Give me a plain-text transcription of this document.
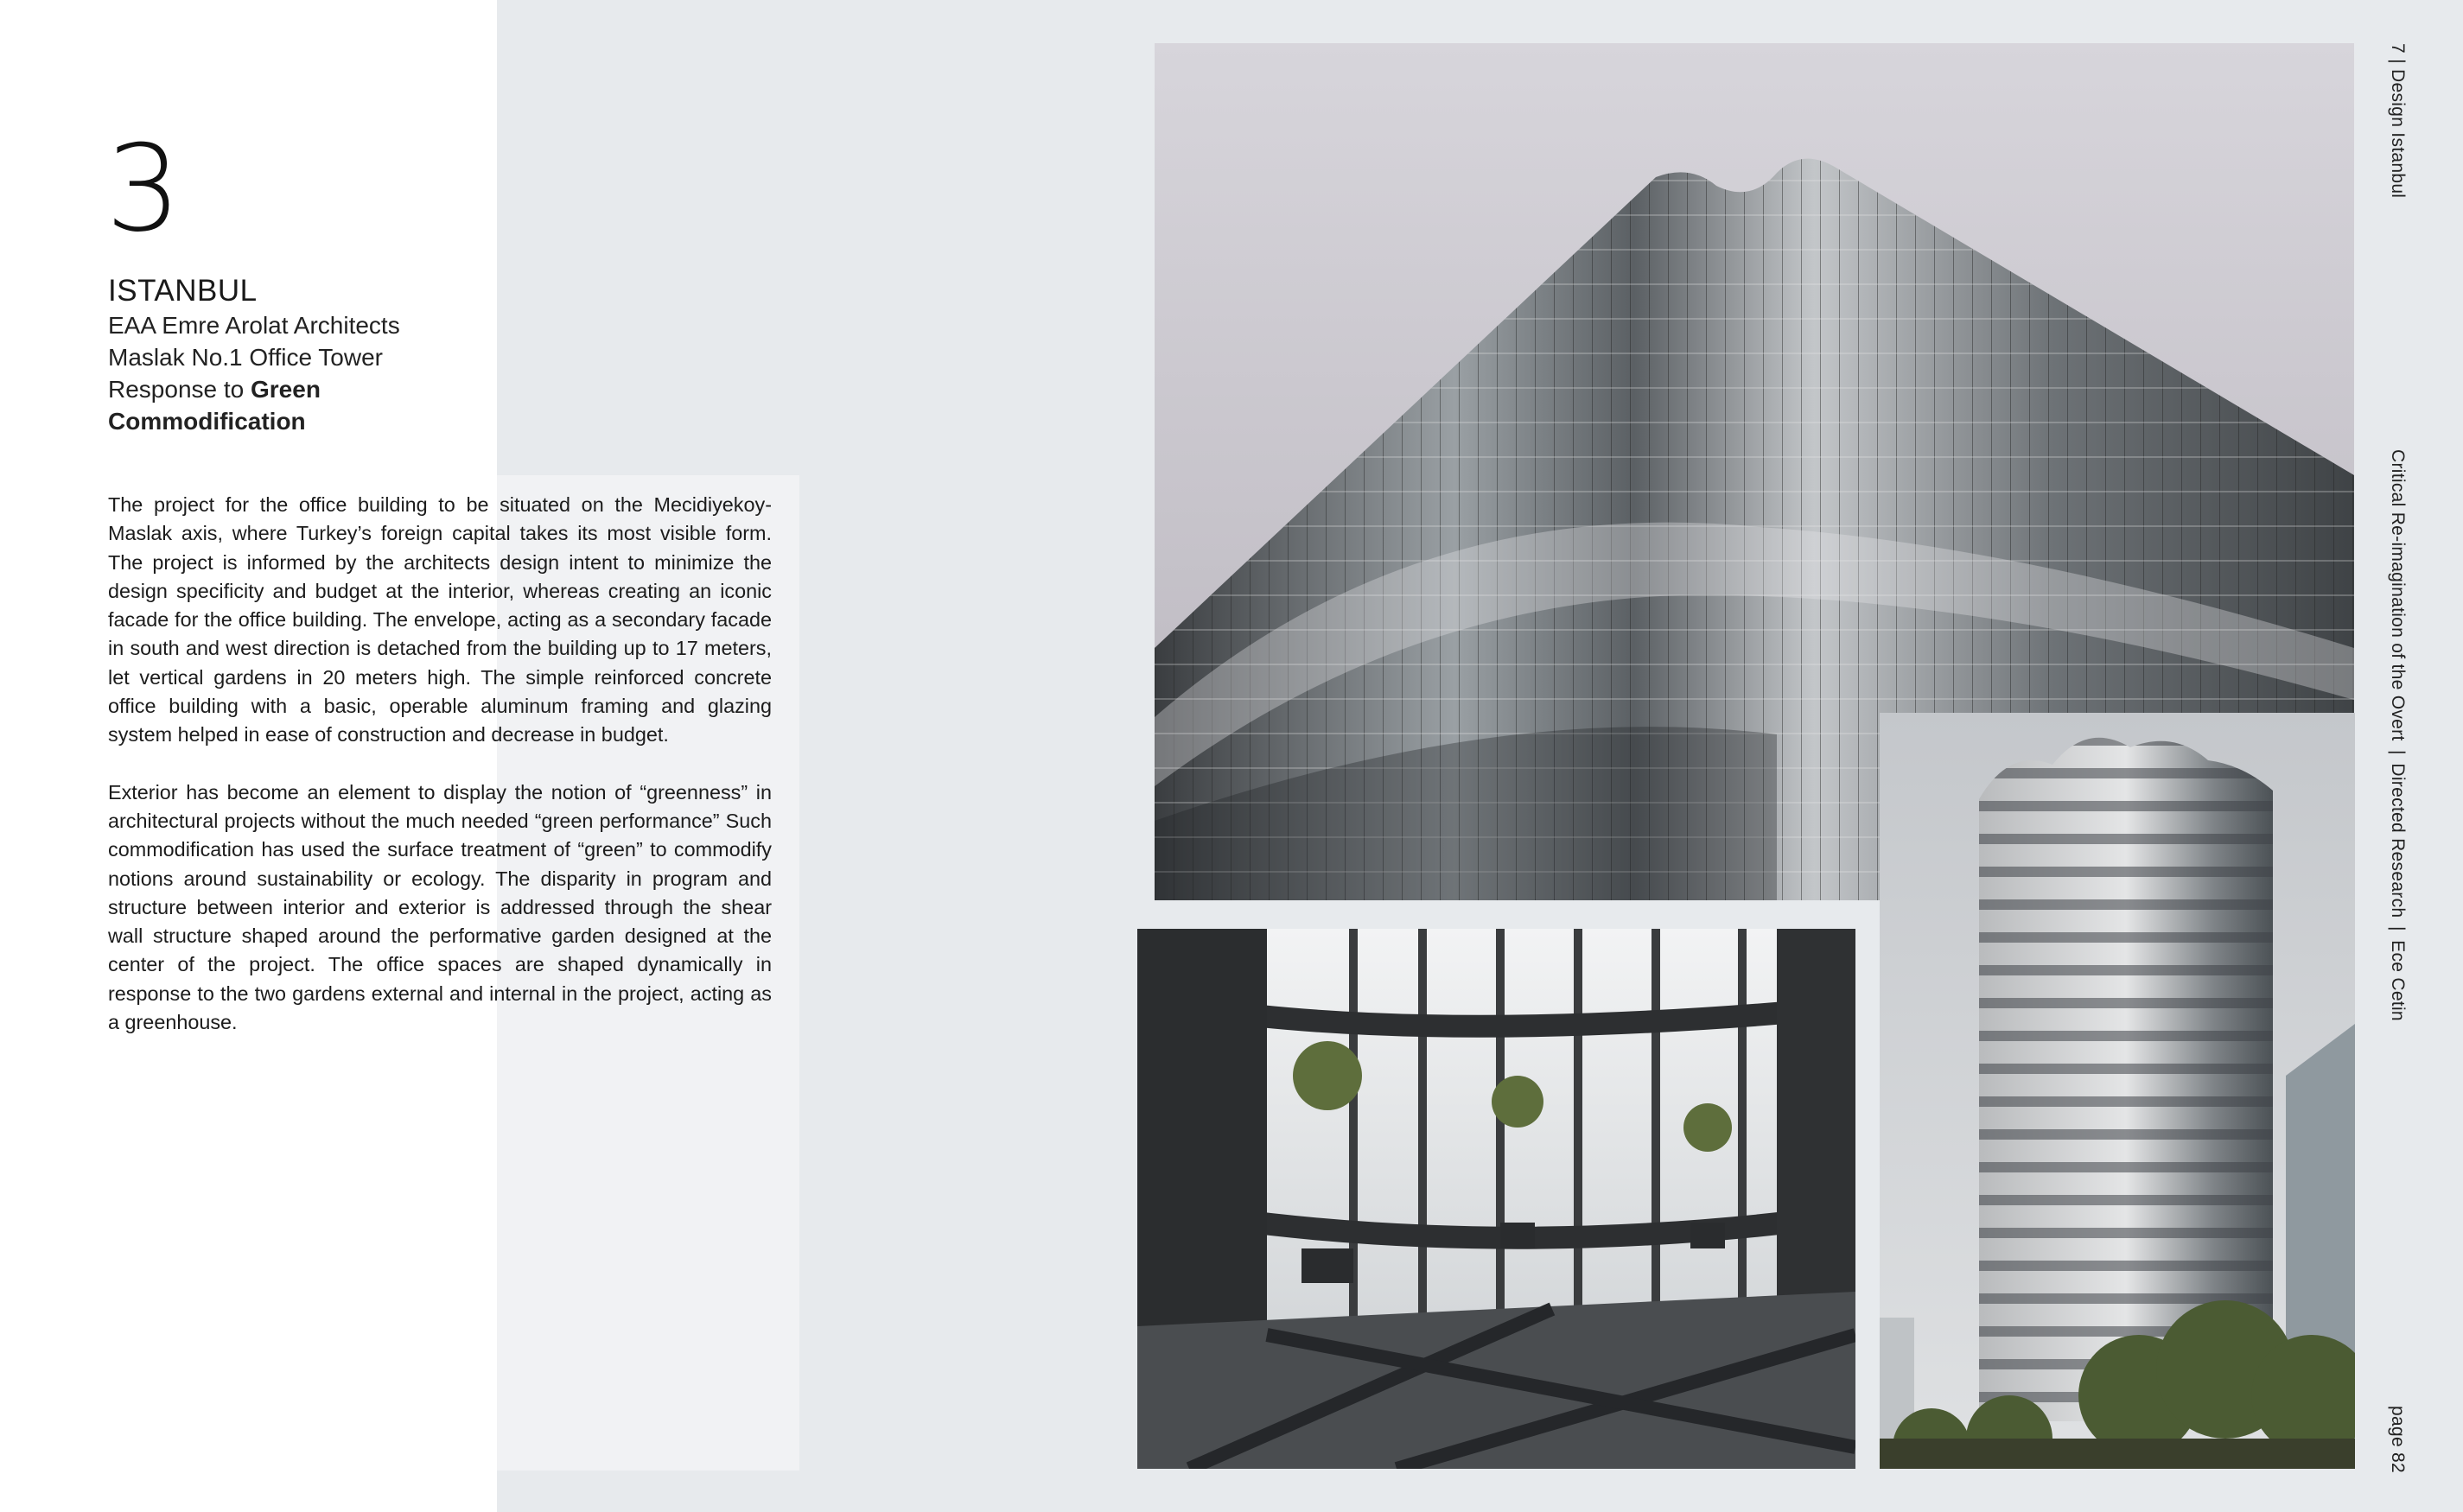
3
ISTANBUL
EAA Emre Arolat Architects
Maslak No.1 Office Tower
Response to Green Commodification

The project for the office building to be situated on the Mecidiyekoy-Maslak axis, where Turkey’s foreign capital takes its most visible form. The project is informed by the architects design intent to minimize the design specificity and budget at the interior, whereas creating an iconic facade for the office building. The envelope, acting as a secondary facade in south and west direction is detached from the building up to 17 meters, let vertical gardens in 20 meters high. The simple reinforced concrete office building with a basic, operable aluminum framing and glazing system helped in ease of construction and decrease in budget.

Exterior has become an element to display the notion of “greenness” in architectural projects without the much needed “green performance” Such commodification has used the surface treatment of “green” to commodify notions around sustainability or ecology. The disparity in program and structure between interior and exterior is addressed through the shear wall structure shaped around the performative garden designed at the center of the project. The office spaces are shaped dynamically in response to the two gardens external and internal in the project, acting as a greenhouse.

7 | Design Istanbul
Critical Re-imagination of the Overt|Directed Research|Ece Cetin
page 82
